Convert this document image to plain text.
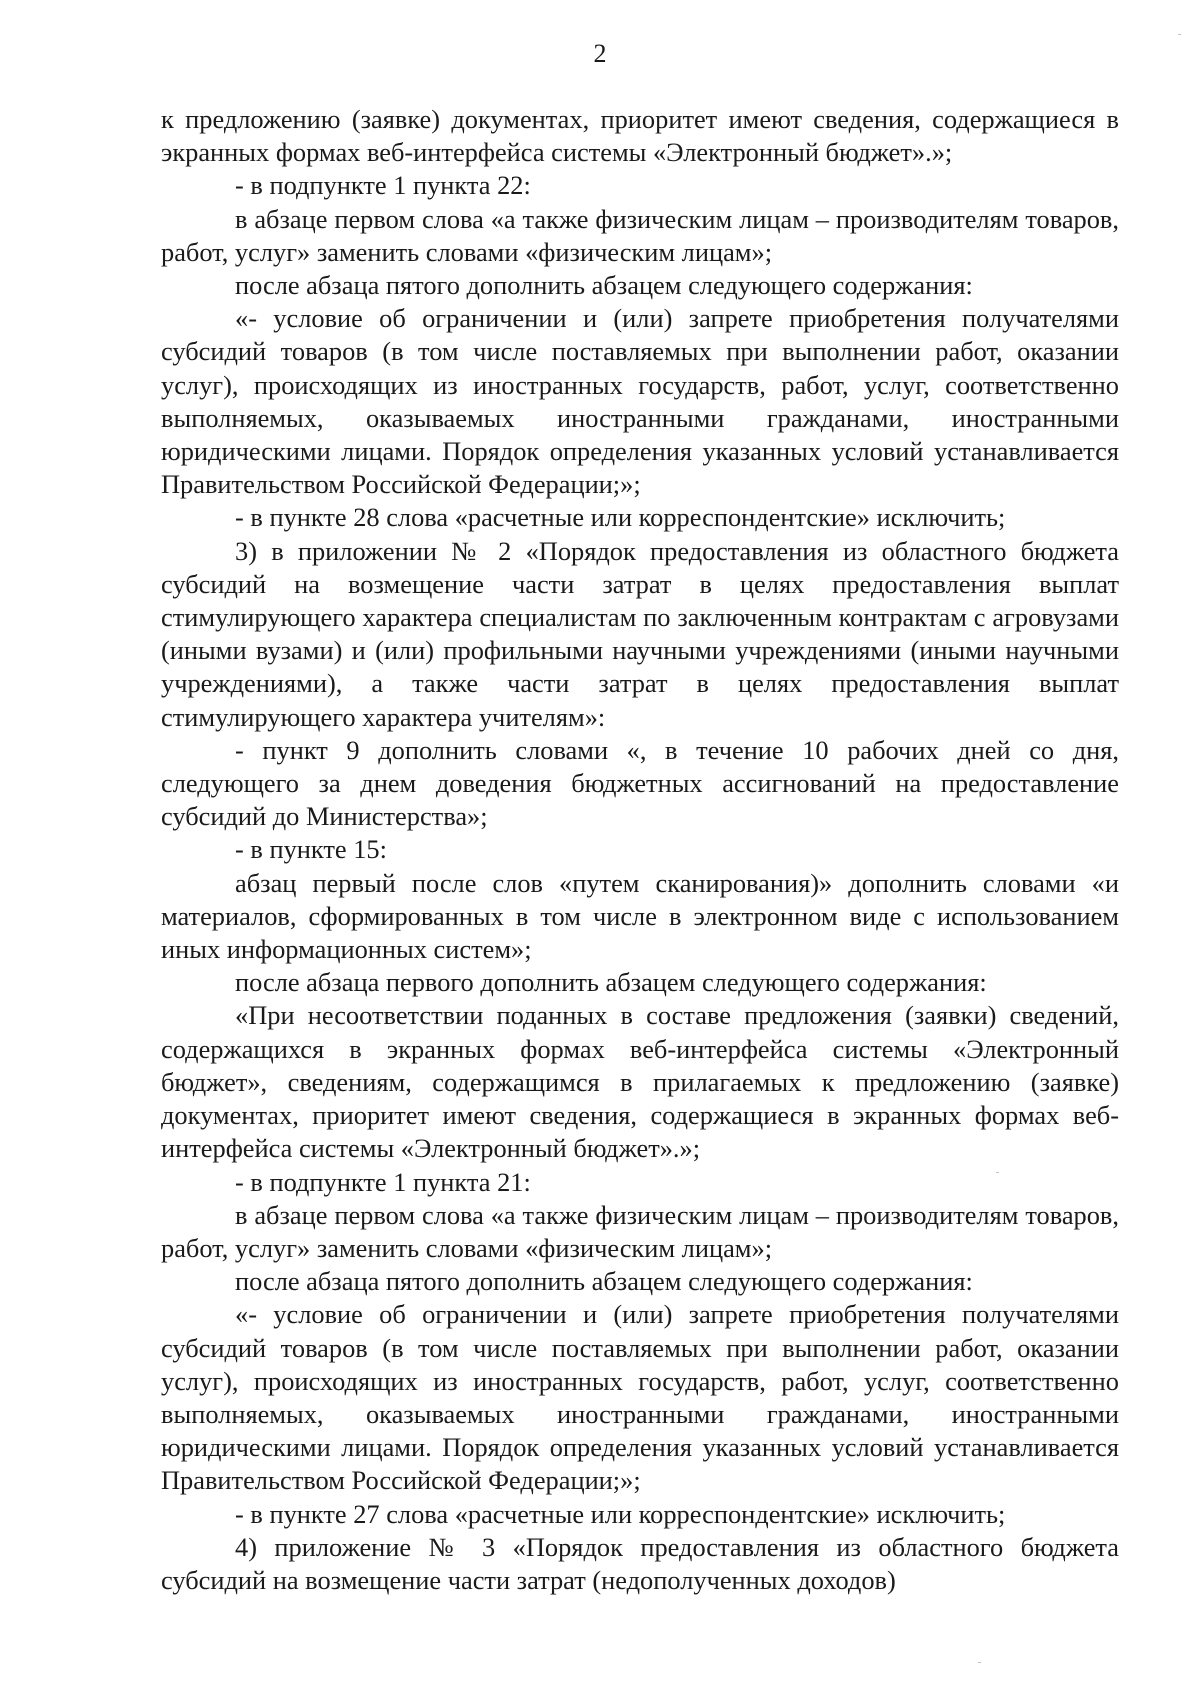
2

к предложению (заявке) документах, приоритет имеют сведения, содержащиеся в экранных формах веб-интерфейса системы «Электронный бюджет».»;

- в подпункте 1 пункта 22:

в абзаце первом слова «а также физическим лицам – производителям товаров, работ, услуг» заменить словами «физическим лицам»;

после абзаца пятого дополнить абзацем следующего содержания:

«- условие об ограничении и (или) запрете приобретения получателями субсидий товаров (в том числе поставляемых при выполнении работ, оказании услуг), происходящих из иностранных государств, работ, услуг, соответственно выполняемых, оказываемых иностранными гражданами, иностранными юридическими лицами. Порядок определения указанных условий устанавливается Правительством Российской Федерации;»;

- в пункте 28 слова «расчетные или корреспондентские» исключить;

3) в приложении № 2 «Порядок предоставления из областного бюджета субсидий на возмещение части затрат в целях предоставления выплат стимулирующего характера специалистам по заключенным контрактам с агровузами (иными вузами) и (или) профильными научными учреждениями (иными научными учреждениями), а также части затрат в целях предоставления выплат стимулирующего характера учителям»:

- пункт 9 дополнить словами «, в течение 10 рабочих дней со дня, следующего за днем доведения бюджетных ассигнований на предоставление субсидий до Министерства»;

- в пункте 15:

абзац первый после слов «путем сканирования)» дополнить словами «и материалов, сформированных в том числе в электронном виде с использованием иных информационных систем»;

после абзаца первого дополнить абзацем следующего содержания:

«При несоответствии поданных в составе предложения (заявки) сведений, содержащихся в экранных формах веб-интерфейса системы «Электронный бюджет», сведениям, содержащимся в прилагаемых к предложению (заявке) документах, приоритет имеют сведения, содержащиеся в экранных формах веб-интерфейса системы «Электронный бюджет».»;

- в подпункте 1 пункта 21:

в абзаце первом слова «а также физическим лицам – производителям товаров, работ, услуг» заменить словами «физическим лицам»;

после абзаца пятого дополнить абзацем следующего содержания:

«- условие об ограничении и (или) запрете приобретения получателями субсидий товаров (в том числе поставляемых при выполнении работ, оказании услуг), происходящих из иностранных государств, работ, услуг, соответственно выполняемых, оказываемых иностранными гражданами, иностранными юридическими лицами. Порядок определения указанных условий устанавливается Правительством Российской Федерации;»;

- в пункте 27 слова «расчетные или корреспондентские» исключить;

4) приложение № 3 «Порядок предоставления из областного бюджета субсидий на возмещение части затрат (недополученных доходов)
